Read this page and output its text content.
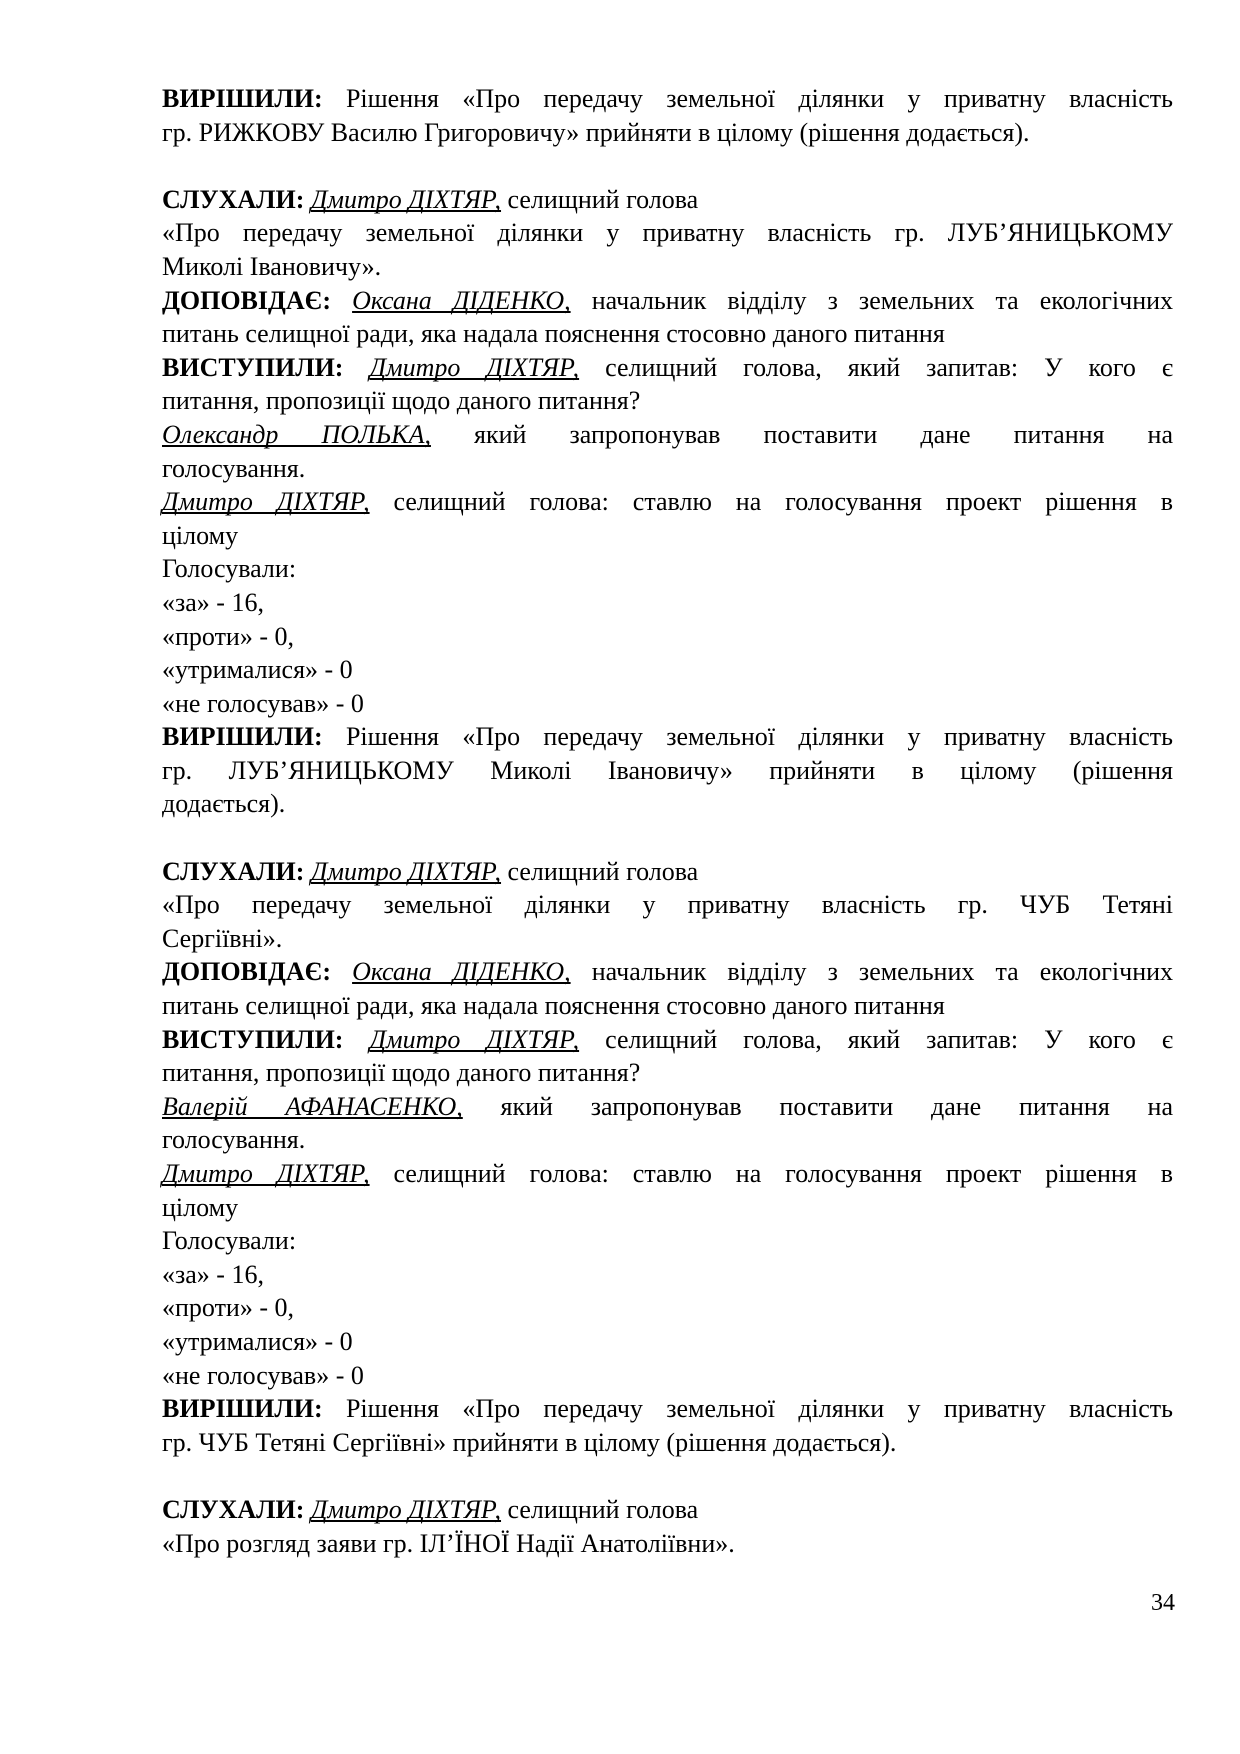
ВИРІШИЛИ: Рішення «Про передачу земельної ділянки у приватну власність

гр. РИЖКОВУ Василю Григоровичу» прийняти в цілому (рішення додається).

СЛУХАЛИ: Дмитро ДІХТЯР, селищний голова

«Про передачу земельної ділянки у приватну власність гр. ЛУБ’ЯНИЦЬКОМУ

Миколі Івановичу».

ДОПОВІДАЄ: Оксана ДІДЕНКО, начальник відділу з земельних та екологічних

питань селищної ради, яка надала пояснення стосовно даного питання

ВИСТУПИЛИ: Дмитро ДІХТЯР, селищний голова, який запитав: У кого є

питання, пропозиції щодо даного питання?

Олександр ПОЛЬКА, який запропонував поставити дане питання на

голосування.

Дмитро ДІХТЯР, селищний голова: ставлю на голосування проект рішення в

цілому

Голосували:

«за» - 16,

«проти» - 0,

«утрималися» - 0

«не голосував» - 0

ВИРІШИЛИ: Рішення «Про передачу земельної ділянки у приватну власність

гр. ЛУБ’ЯНИЦЬКОМУ Миколі Івановичу» прийняти в цілому (рішення

додається).

СЛУХАЛИ: Дмитро ДІХТЯР, селищний голова

«Про передачу земельної ділянки у приватну власність гр. ЧУБ Тетяні

Сергіївні».

ДОПОВІДАЄ: Оксана ДІДЕНКО, начальник відділу з земельних та екологічних

питань селищної ради, яка надала пояснення стосовно даного питання

ВИСТУПИЛИ: Дмитро ДІХТЯР, селищний голова, який запитав: У кого є

питання, пропозиції щодо даного питання?

Валерій АФАНАСЕНКО, який запропонував поставити дане питання на

голосування.

Дмитро ДІХТЯР, селищний голова: ставлю на голосування проект рішення в

цілому

Голосували:

«за» - 16,

«проти» - 0,

«утрималися» - 0

«не голосував» - 0

ВИРІШИЛИ: Рішення «Про передачу земельної ділянки у приватну власність

гр. ЧУБ Тетяні Сергіївні» прийняти в цілому (рішення додається).

СЛУХАЛИ: Дмитро ДІХТЯР, селищний голова

«Про розгляд заяви гр. ІЛ’ЇНОЇ Надії Анатоліївни».

34
